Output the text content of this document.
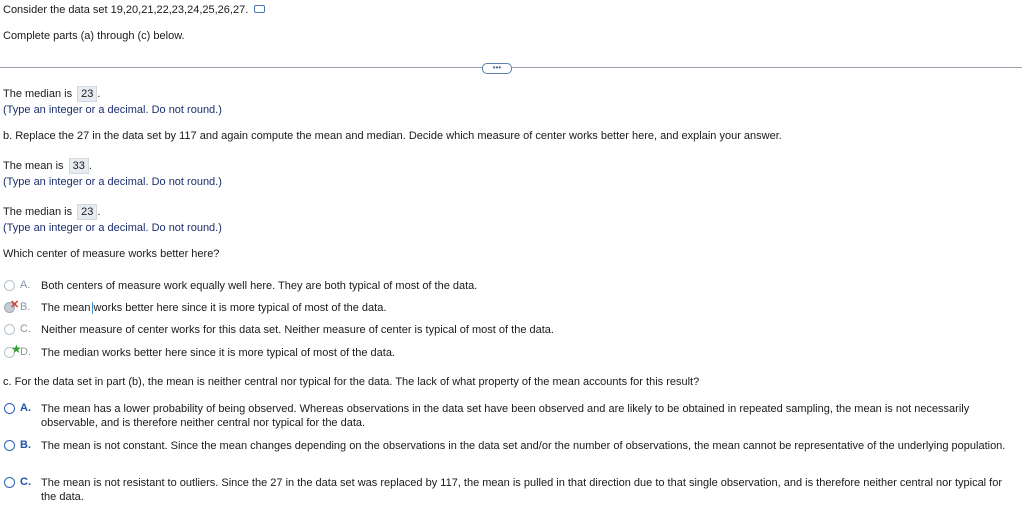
Consider the data set 19,20,21,22,23,24,25,26,27.
Complete parts (a) through (c) below.
•••
The median is 23 .
(Type an integer or a decimal. Do not round.)
b. Replace the 27 in the data set by 117 and again compute the mean and median. Decide which measure of center works better here, and explain your answer.
The mean is 33 .
(Type an integer or a decimal. Do not round.)
The median is 23 .
(Type an integer or a decimal. Do not round.)
Which center of measure works better here?
A. Both centers of measure work equally well here. They are both typical of most of the data.
✕ B. The mean works better here since it is more typical of most of the data.
C. Neither measure of center works for this data set. Neither measure of center is typical of most of the data.
★
D. The median works better here since it is more typical of most of the data.
c. For the data set in part (b), the mean is neither central nor typical for the data. The lack of what property of the mean accounts for this result?
A. The mean has a lower probability of being observed. Whereas observations in the data set have been observed and are likely to be obtained in repeated sampling, the mean is not necessarily observable, and is therefore neither central nor typical for the data.
B. The mean is not constant. Since the mean changes depending on the observations in the data set and/or the number of observations, the mean cannot be representative of the underlying population.
C. The mean is not resistant to outliers. Since the 27 in the data set was replaced by 117, the mean is pulled in that direction due to that single observation, and is therefore neither central nor typical for the data.
